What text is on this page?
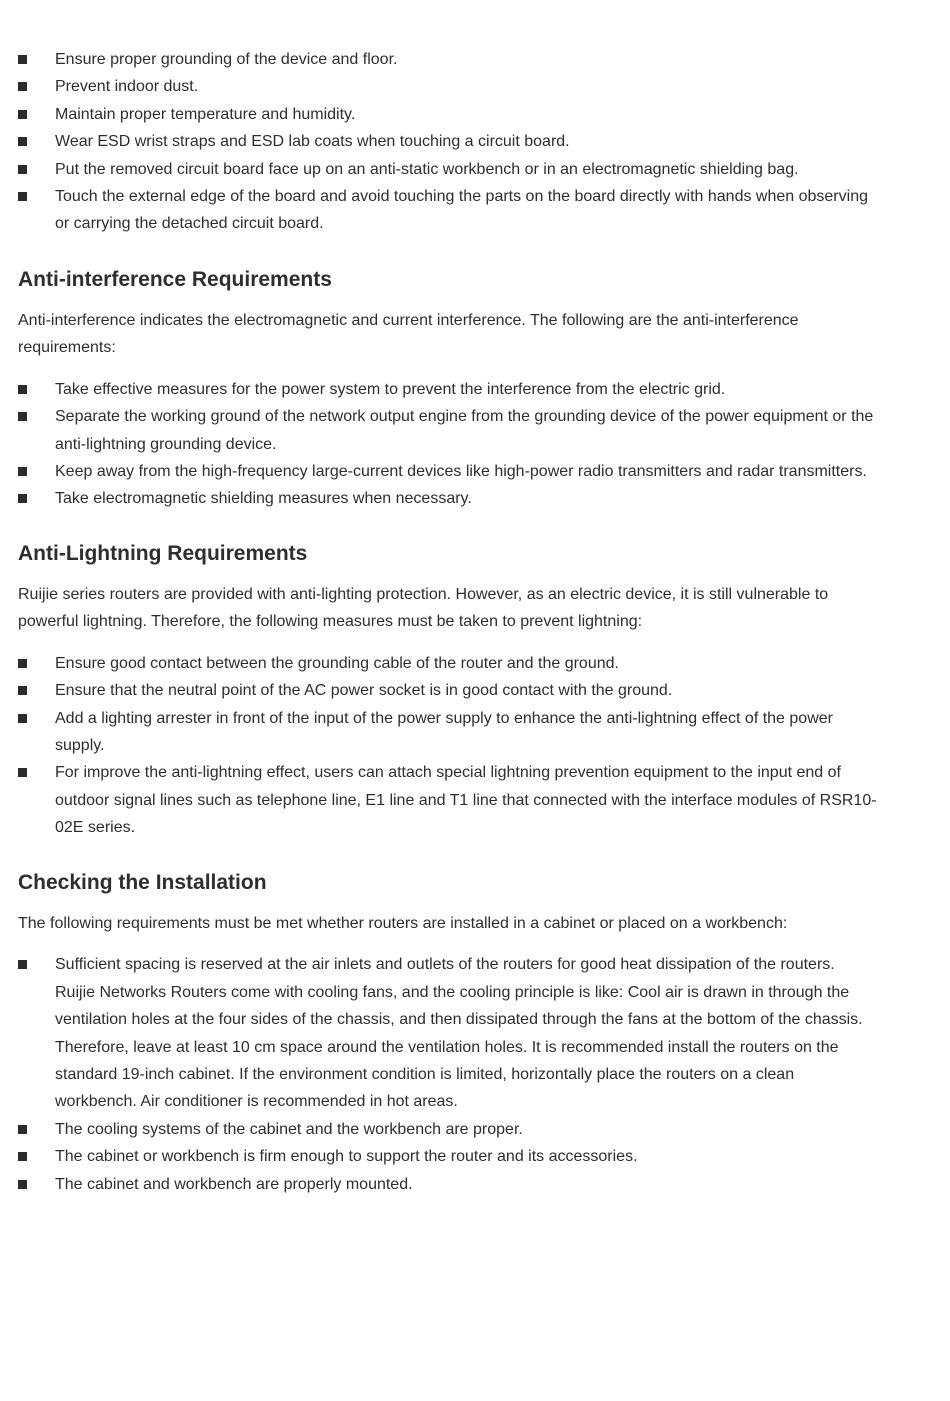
Ensure proper grounding of the device and floor.
Prevent indoor dust.
Maintain proper temperature and humidity.
Wear ESD wrist straps and ESD lab coats when touching a circuit board.
Put the removed circuit board face up on an anti-static workbench or in an electromagnetic shielding bag.
Touch the external edge of the board and avoid touching the parts on the board directly with hands when observing or carrying the detached circuit board.
Anti-interference Requirements

Anti-interference indicates the electromagnetic and current interference. The following are the anti-interference requirements:

Take effective measures for the power system to prevent the interference from the electric grid.
Separate the working ground of the network output engine from the grounding device of the power equipment or the anti-lightning grounding device.
Keep away from the high-frequency large-current devices like high-power radio transmitters and radar transmitters.
Take electromagnetic shielding measures when necessary.
Anti-Lightning Requirements

Ruijie series routers are provided with anti-lighting protection. However, as an electric device, it is still vulnerable to powerful lightning. Therefore, the following measures must be taken to prevent lightning:

Ensure good contact between the grounding cable of the router and the ground.
Ensure that the neutral point of the AC power socket is in good contact with the ground.
Add a lighting arrester in front of the input of the power supply to enhance the anti-lightning effect of the power supply.
For improve the anti-lightning effect, users can attach special lightning prevention equipment to the input end of outdoor signal lines such as telephone line, E1 line and T1 line that connected with the interface modules of RSR10-02E series.
Checking the Installation

The following requirements must be met whether routers are installed in a cabinet or placed on a workbench:

Sufficient spacing is reserved at the air inlets and outlets of the routers for good heat dissipation of the routers. Ruijie Networks Routers come with cooling fans, and the cooling principle is like: Cool air is drawn in through the ventilation holes at the four sides of the chassis, and then dissipated through the fans at the bottom of the chassis. Therefore, leave at least 10 cm space around the ventilation holes. It is recommended install the routers on the standard 19-inch cabinet. If the environment condition is limited, horizontally place the routers on a clean workbench. Air conditioner is recommended in hot areas.
The cooling systems of the cabinet and the workbench are proper.
The cabinet or workbench is firm enough to support the router and its accessories.
The cabinet and workbench are properly mounted.
